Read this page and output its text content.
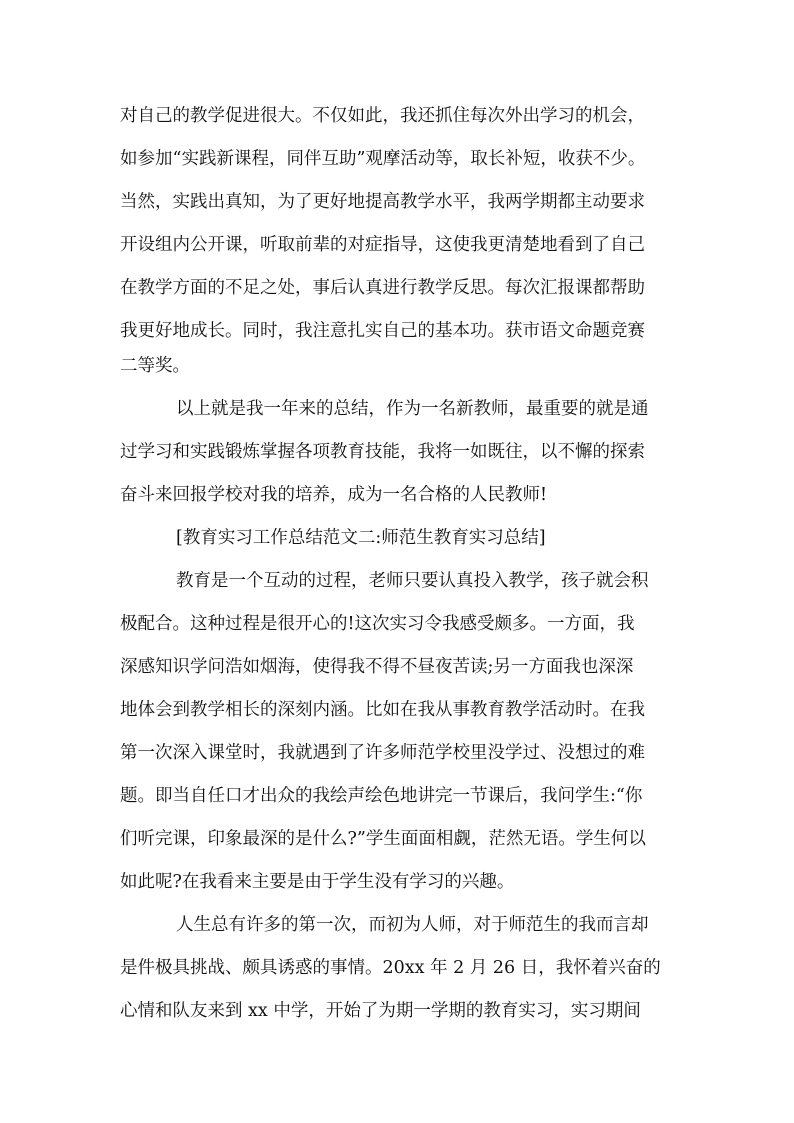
对自己的教学促进很大。不仅如此，我还抓住每次外出学习的机会，

如参加“实践新课程，同伴互助”观摩活动等，取长补短，收获不少。

当然，实践出真知，为了更好地提高教学水平，我两学期都主动要求

开设组内公开课，听取前辈的对症指导，这使我更清楚地看到了自己

在教学方面的不足之处，事后认真进行教学反思。每次汇报课都帮助

我更好地成长。同时，我注意扎实自己的基本功。获市语文命题竞赛

二等奖。

以上就是我一年来的总结，作为一名新教师，最重要的就是通

过学习和实践锻炼掌握各项教育技能，我将一如既往，以不懈的探索

奋斗来回报学校对我的培养，成为一名合格的人民教师!

[教育实习工作总结范文二:师范生教育实习总结]

教育是一个互动的过程，老师只要认真投入教学，孩子就会积

极配合。这种过程是很开心的!这次实习令我感受颇多。一方面，我

深感知识学问浩如烟海，使得我不得不昼夜苦读;另一方面我也深深

地体会到教学相长的深刻内涵。比如在我从事教育教学活动时。在我

第一次深入课堂时，我就遇到了许多师范学校里没学过、没想过的难

题。即当自任口才出众的我绘声绘色地讲完一节课后，我问学生:“你

们听完课，印象最深的是什么?”学生面面相觑，茫然无语。学生何以

如此呢?在我看来主要是由于学生没有学习的兴趣。

人生总有许多的第一次，而初为人师，对于师范生的我而言却

是件极具挑战、颇具诱惑的事情。20xx 年 2 月 26 日，我怀着兴奋的

心情和队友来到 xx 中学，开始了为期一学期的教育实习，实习期间
